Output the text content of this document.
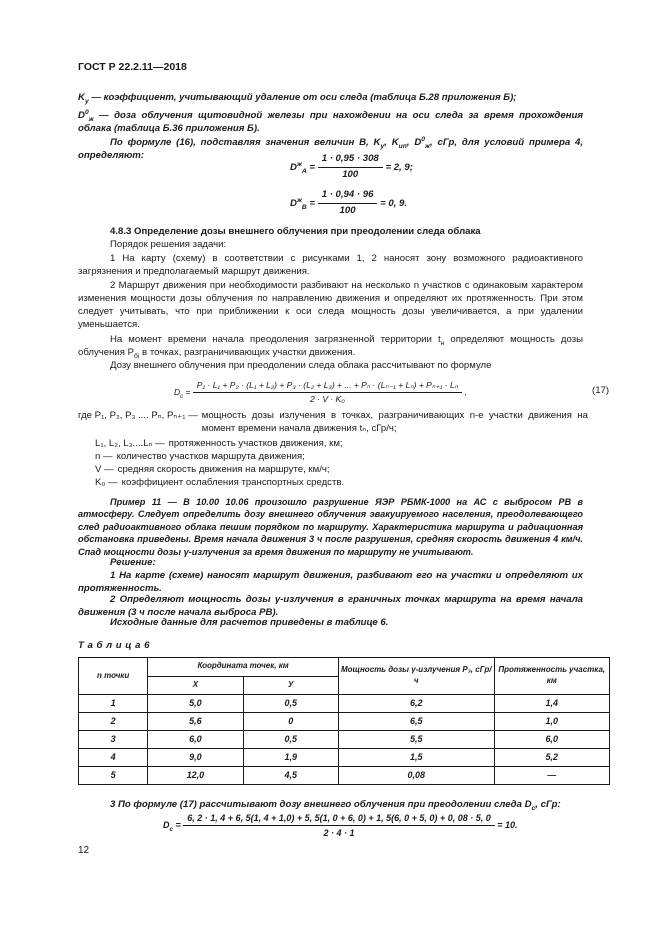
ГОСТ Р 22.2.11—2018
$K_y$ — коэффициент, учитывающий удаление от оси следа (таблица Б.28 приложения Б);
$D^0_ж$ — доза облучения щитовидной железы при нахождении на оси следа за время прохождения облака (таблица Б.36 приложения Б).
По формуле (16), подставляя значения величин B, $K_y$, $K_{ип}$, $D^0_ж$, сГр, для условий примера 4, определяют:
$D^ж_A = \frac{1 \cdot 0,95 \cdot 308}{100} = 2$, 9;
$D^ж_B = \frac{1 \cdot 0,94 \cdot 96}{100} = 0$, 9.
4.8.3 Определение дозы внешнего облучения при преодолении следа облака
Порядок решения задачи:
1 На карту (схему) в соответствии с рисунками 1, 2 наносят зону возможного радиоактивного загрязнения и предполагаемый маршрут движения.
2 Маршрут движения при необходимости разбивают на несколько n участков с одинаковым характером изменения мощности дозы облучения по направлению движения и определяют их протяженность. При этом следует учитывать, что при приближении к оси следа мощность дозы увеличивается, а при удалении уменьшается.
На момент времени начала преодоления загрязненной территории $t_н$ определяют мощность дозы облучения $P_{бi}$ в точках, разграничивающих участки движения.
Дозу внешнего облучения при преодолении следа облака рассчитывают по формуле
$D_c$ =
P₁ · L₁ + P₂ · (L₁ + L₂) + P₃ · (L₂ + L₃) + ... + Pₙ · (Lₙ₋₁ + Lₙ) + Pₙ₊₁ · Lₙ
2 · V · K₀
,	(17)
где P₁, P₂, P₃ .... Pₙ, Pₙ₊₁ — мощность дозы излучения в точках, разграничивающих n-е участки движения на момент времени начала движения tₙ, сГр/ч;
L₁, L₂, L₃....Lₙ — протяженность участков движения, км;
n — количество участков маршрута движения;
V — средняя скорость движения на маршруте, км/ч;
K₀ — коэффициент ослабления транспортных средств.
Пример 11 — В 10.00 10.06 произошло разрушение ЯЭР РБМК-1000 на АС с выбросом РВ в атмосферу. Следует определить дозу внешнего облучения эвакуируемого населения, преодолевающего след радиоактивного облака пешим порядком по маршруту. Характеристика маршрута и радиационная обстановка приведены. Время начала движения 3 ч после разрушения, средняя скорость движения 4 км/ч. Спад мощности дозы γ-излучения за время движения по маршруту не учитывают.
Решение:
1 На карте (схеме) наносят маршрут движения, разбивают его на участки и определяют их протяженность.
2 Определяют мощность дозы γ-излучения в граничных точках маршрута на время начала движения (3 ч после начала выброса РВ).
Исходные данные для расчетов приведены в таблице 6.
Т а б л и ц а 6
n точки	Координата точек, км		Мощность дозы γ-излучения P₃, сГр/ч	Протяженность участка, км
	X	У		
1	5,0	0,5	6,2	1,4
2	5,6	0	6,5	1,0
3	6,0	0,5	5,5	6,0
4	9,0	1,9	1,5	5,2
5	12,0	4,5	0,08	—
3 По формуле (17) рассчитывают дозу внешнего облучения при преодолении следа $D_c$, сГр:
$D_c$ =
6, 2 · 1, 4 + 6, 5(1, 4 + 1,0) + 5, 5(1, 0 + 6, 0) + 1, 5(6, 0 + 5, 0) + 0, 08 · 5, 0
2 · 4 · 1
= 10.
12
